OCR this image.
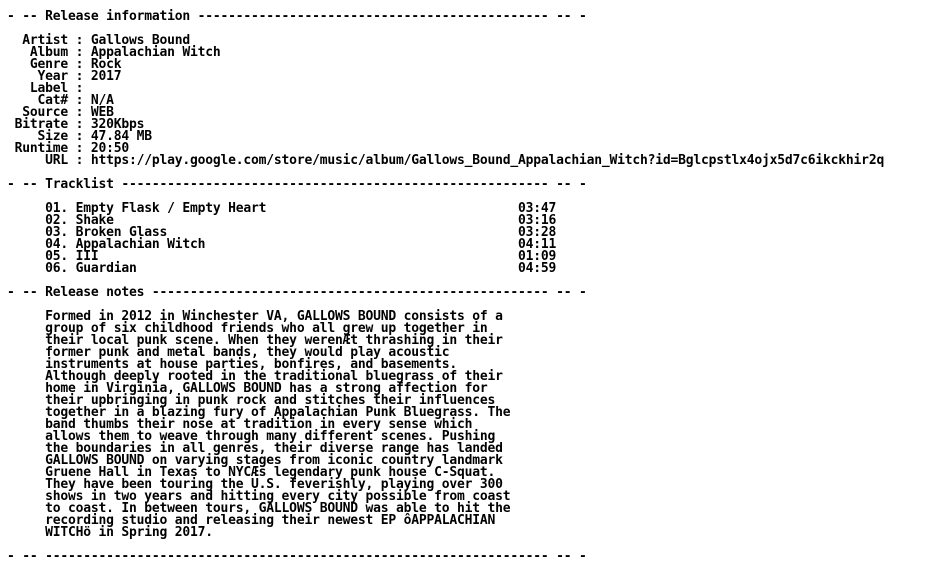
- -- Release information ---------------------------------------------- -- -
Artist : Gallows Bound
Album : Appalachian Witch
Genre : Rock
Year : 2017
Label :
Cat# : N/A
Source : WEB
Bitrate : 320Kbps
Size : 47.84 MB
Runtime : 20:50
URL : https://play.google.com/store/music/album/Gallows_Bound_Appalachian_Witch?id=Bglcpstlx4ojx5d7c6ikckhir2q
- -- Tracklist -------------------------------------------------------- -- -
01. Empty Flask / Empty Heart                                 03:47
02. Shake                                                     03:16
03. Broken Glass                                              03:28
04. Appalachian Witch                                         04:11
05. III                                                       01:09
06. Guardian                                                  04:59
- -- Release notes ---------------------------------------------------- -- -
Formed in 2012 in Winchester VA, GALLOWS BOUND consists of a
group of six childhood friends who all grew up together in
their local punk scene. When they werenÆt thrashing in their
former punk and metal bands, they would play acoustic
instruments at house parties, bonfires, and basements.
Although deeply rooted in the traditional bluegrass of their
home in Virginia, GALLOWS BOUND has a strong affection for
their upbringing in punk rock and stitches their influences
together in a blazing fury of Appalachian Punk Bluegrass. The
band thumbs their nose at tradition in every sense which
allows them to weave through many different scenes. Pushing
the boundaries in all genres, their diverse range has landed
GALLOWS BOUND on varying stages from iconic country landmark
Gruene Hall in Texas to NYCÆs legendary punk house C-Squat.
They have been touring the U.S. feverishly, playing over 300
shows in two years and hitting every city possible from coast
to coast. In between tours, GALLOWS BOUND was able to hit the
recording studio and releasing their newest EP ôAPPALACHIAN
WITCHö in Spring 2017.
- -- ------------------------------------------------------------------ -- -
